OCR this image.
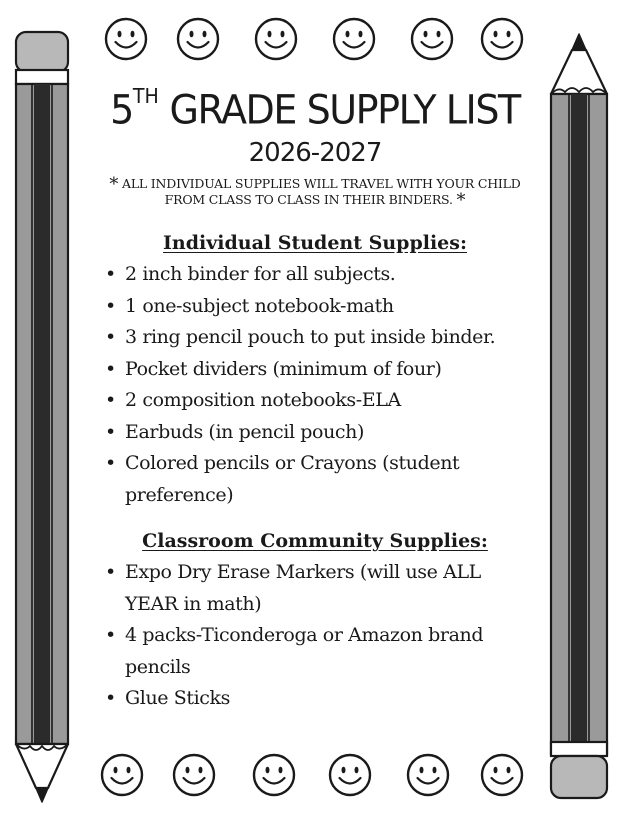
5TH GRADE SUPPLY LIST
2026-2027
* ALL INDIVIDUAL SUPPLIES WILL TRAVEL WITH YOUR CHILD FROM CLASS TO CLASS IN THEIR BINDERS. *
Individual Student Supplies:
• 2 inch binder for all subjects.
• 1 one-subject notebook-math
• 3 ring pencil pouch to put inside binder.
• Pocket dividers (minimum of four)
• 2 composition notebooks-ELA
• Earbuds (in pencil pouch)
• Colored pencils or Crayons (student preference)
Classroom Community Supplies:
• Expo Dry Erase Markers (will use ALL YEAR in math)
• 4 packs-Ticonderoga or Amazon brand pencils
• Glue Sticks
